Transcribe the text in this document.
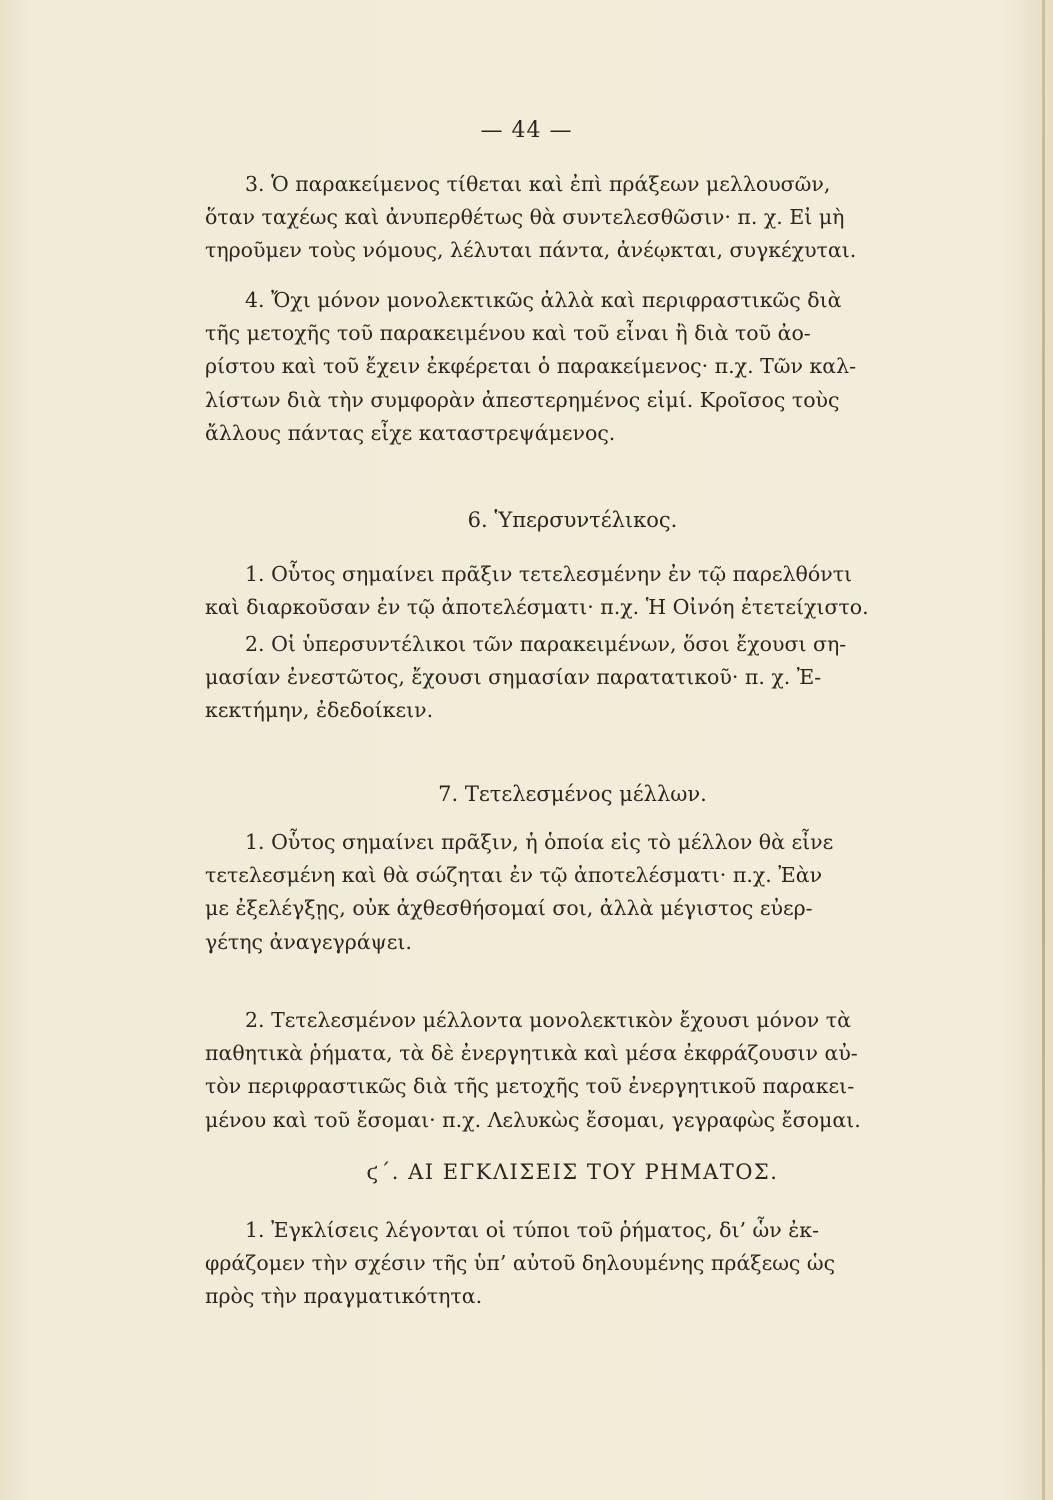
— 44 —
3. Ὁ παρακείμενος τίθεται καὶ ἐπὶ πράξεων μελλουσῶν,
ὅταν ταχέως καὶ ἀνυπερθέτως θὰ συντελεσθῶσιν· π. χ. Εἰ μὴ
τηροῦμεν τοὺς νόμους, λέλυται πάντα, ἀνέῳκται, συγκέχυται.
4. Ὄχι μόνον μονολεκτικῶς ἀλλὰ καὶ περιφραστικῶς διὰ
τῆς μετοχῆς τοῦ παρακειμένου καὶ τοῦ εἶναι ἢ διὰ τοῦ ἀο-
ρίστου καὶ τοῦ ἔχειν ἐκφέρεται ὁ παρακείμενος· π.χ. Τῶν καλ-
λίστων διὰ τὴν συμφορὰν ἀπεστερημένος εἰμί. Κροῖσος τοὺς
ἄλλους πάντας εἶχε καταστρεψάμενος.
6. Ὑπερσυντέλικος.
1. Οὗτος σημαίνει πρᾶξιν τετελεσμένην ἐν τῷ παρελθόντι
καὶ διαρκοῦσαν ἐν τῷ ἀποτελέσματι· π.χ. Ἡ Οἰνόη ἐτετείχιστο.
2. Οἱ ὑπερσυντέλικοι τῶν παρακειμένων, ὅσοι ἔχουσι ση-
μασίαν ἐνεστῶτος, ἔχουσι σημασίαν παρατατικοῦ· π. χ. Ἐ-
κεκτήμην, ἐδεδοίκειν.
7. Τετελεσμένος μέλλων.
1. Οὗτος σημαίνει πρᾶξιν, ἡ ὁποία εἰς τὸ μέλλον θὰ εἶνε
τετελεσμένη καὶ θὰ σώζηται ἐν τῷ ἀποτελέσματι· π.χ. Ἐὰν
με ἐξελέγξῃς, οὐκ ἀχθεσθήσομαί σοι, ἀλλὰ μέγιστος εὐερ-
γέτης ἀναγεγράψει.
2. Τετελεσμένον μέλλοντα μονολεκτικὸν ἔχουσι μόνον τὰ
παθητικὰ ῥήματα, τὰ δὲ ἐνεργητικὰ καὶ μέσα ἐκφράζουσιν αὐ-
τὸν περιφραστικῶς διὰ τῆς μετοχῆς τοῦ ἐνεργητικοῦ παρακει-
μένου καὶ τοῦ ἔσομαι· π.χ. Λελυκὼς ἔσομαι, γεγραφὼς ἔσομαι.
ϛ΄. ΑΙ ΕΓΚΛΙΣΕΙΣ ΤΟΥ ΡΗΜΑΤΟΣ.
1. Ἐγκλίσεις λέγονται οἱ τύποι τοῦ ῥήματος, δι’ ὧν ἐκ-
φράζομεν τὴν σχέσιν τῆς ὑπ’ αὐτοῦ δηλουμένης πράξεως ὡς
πρὸς τὴν πραγματικότητα.
